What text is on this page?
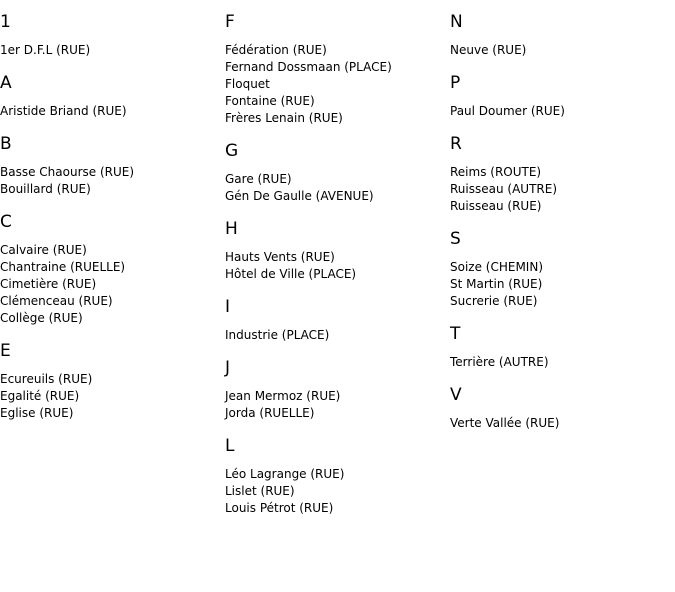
1
1er D.F.L (RUE)
A
Aristide Briand (RUE)
B
Basse Chaourse (RUE)
Bouillard (RUE)
C
Calvaire (RUE)
Chantraine (RUELLE)
Cimetière (RUE)
Clémenceau (RUE)
Collège (RUE)
E
Ecureuils (RUE)
Egalité (RUE)
Eglise (RUE)
F
Fédération (RUE)
Fernand Dossmaan (PLACE)
Floquet
Fontaine (RUE)
Frères Lenain (RUE)
G
Gare (RUE)
Gén De Gaulle (AVENUE)
H
Hauts Vents (RUE)
Hôtel de Ville (PLACE)
I
Industrie (PLACE)
J
Jean Mermoz (RUE)
Jorda (RUELLE)
L
Léo Lagrange (RUE)
Lislet (RUE)
Louis Pétrot (RUE)
N
Neuve (RUE)
P
Paul Doumer (RUE)
R
Reims (ROUTE)
Ruisseau (AUTRE)
Ruisseau (RUE)
S
Soize (CHEMIN)
St Martin (RUE)
Sucrerie (RUE)
T
Terrière (AUTRE)
V
Verte Vallée (RUE)
